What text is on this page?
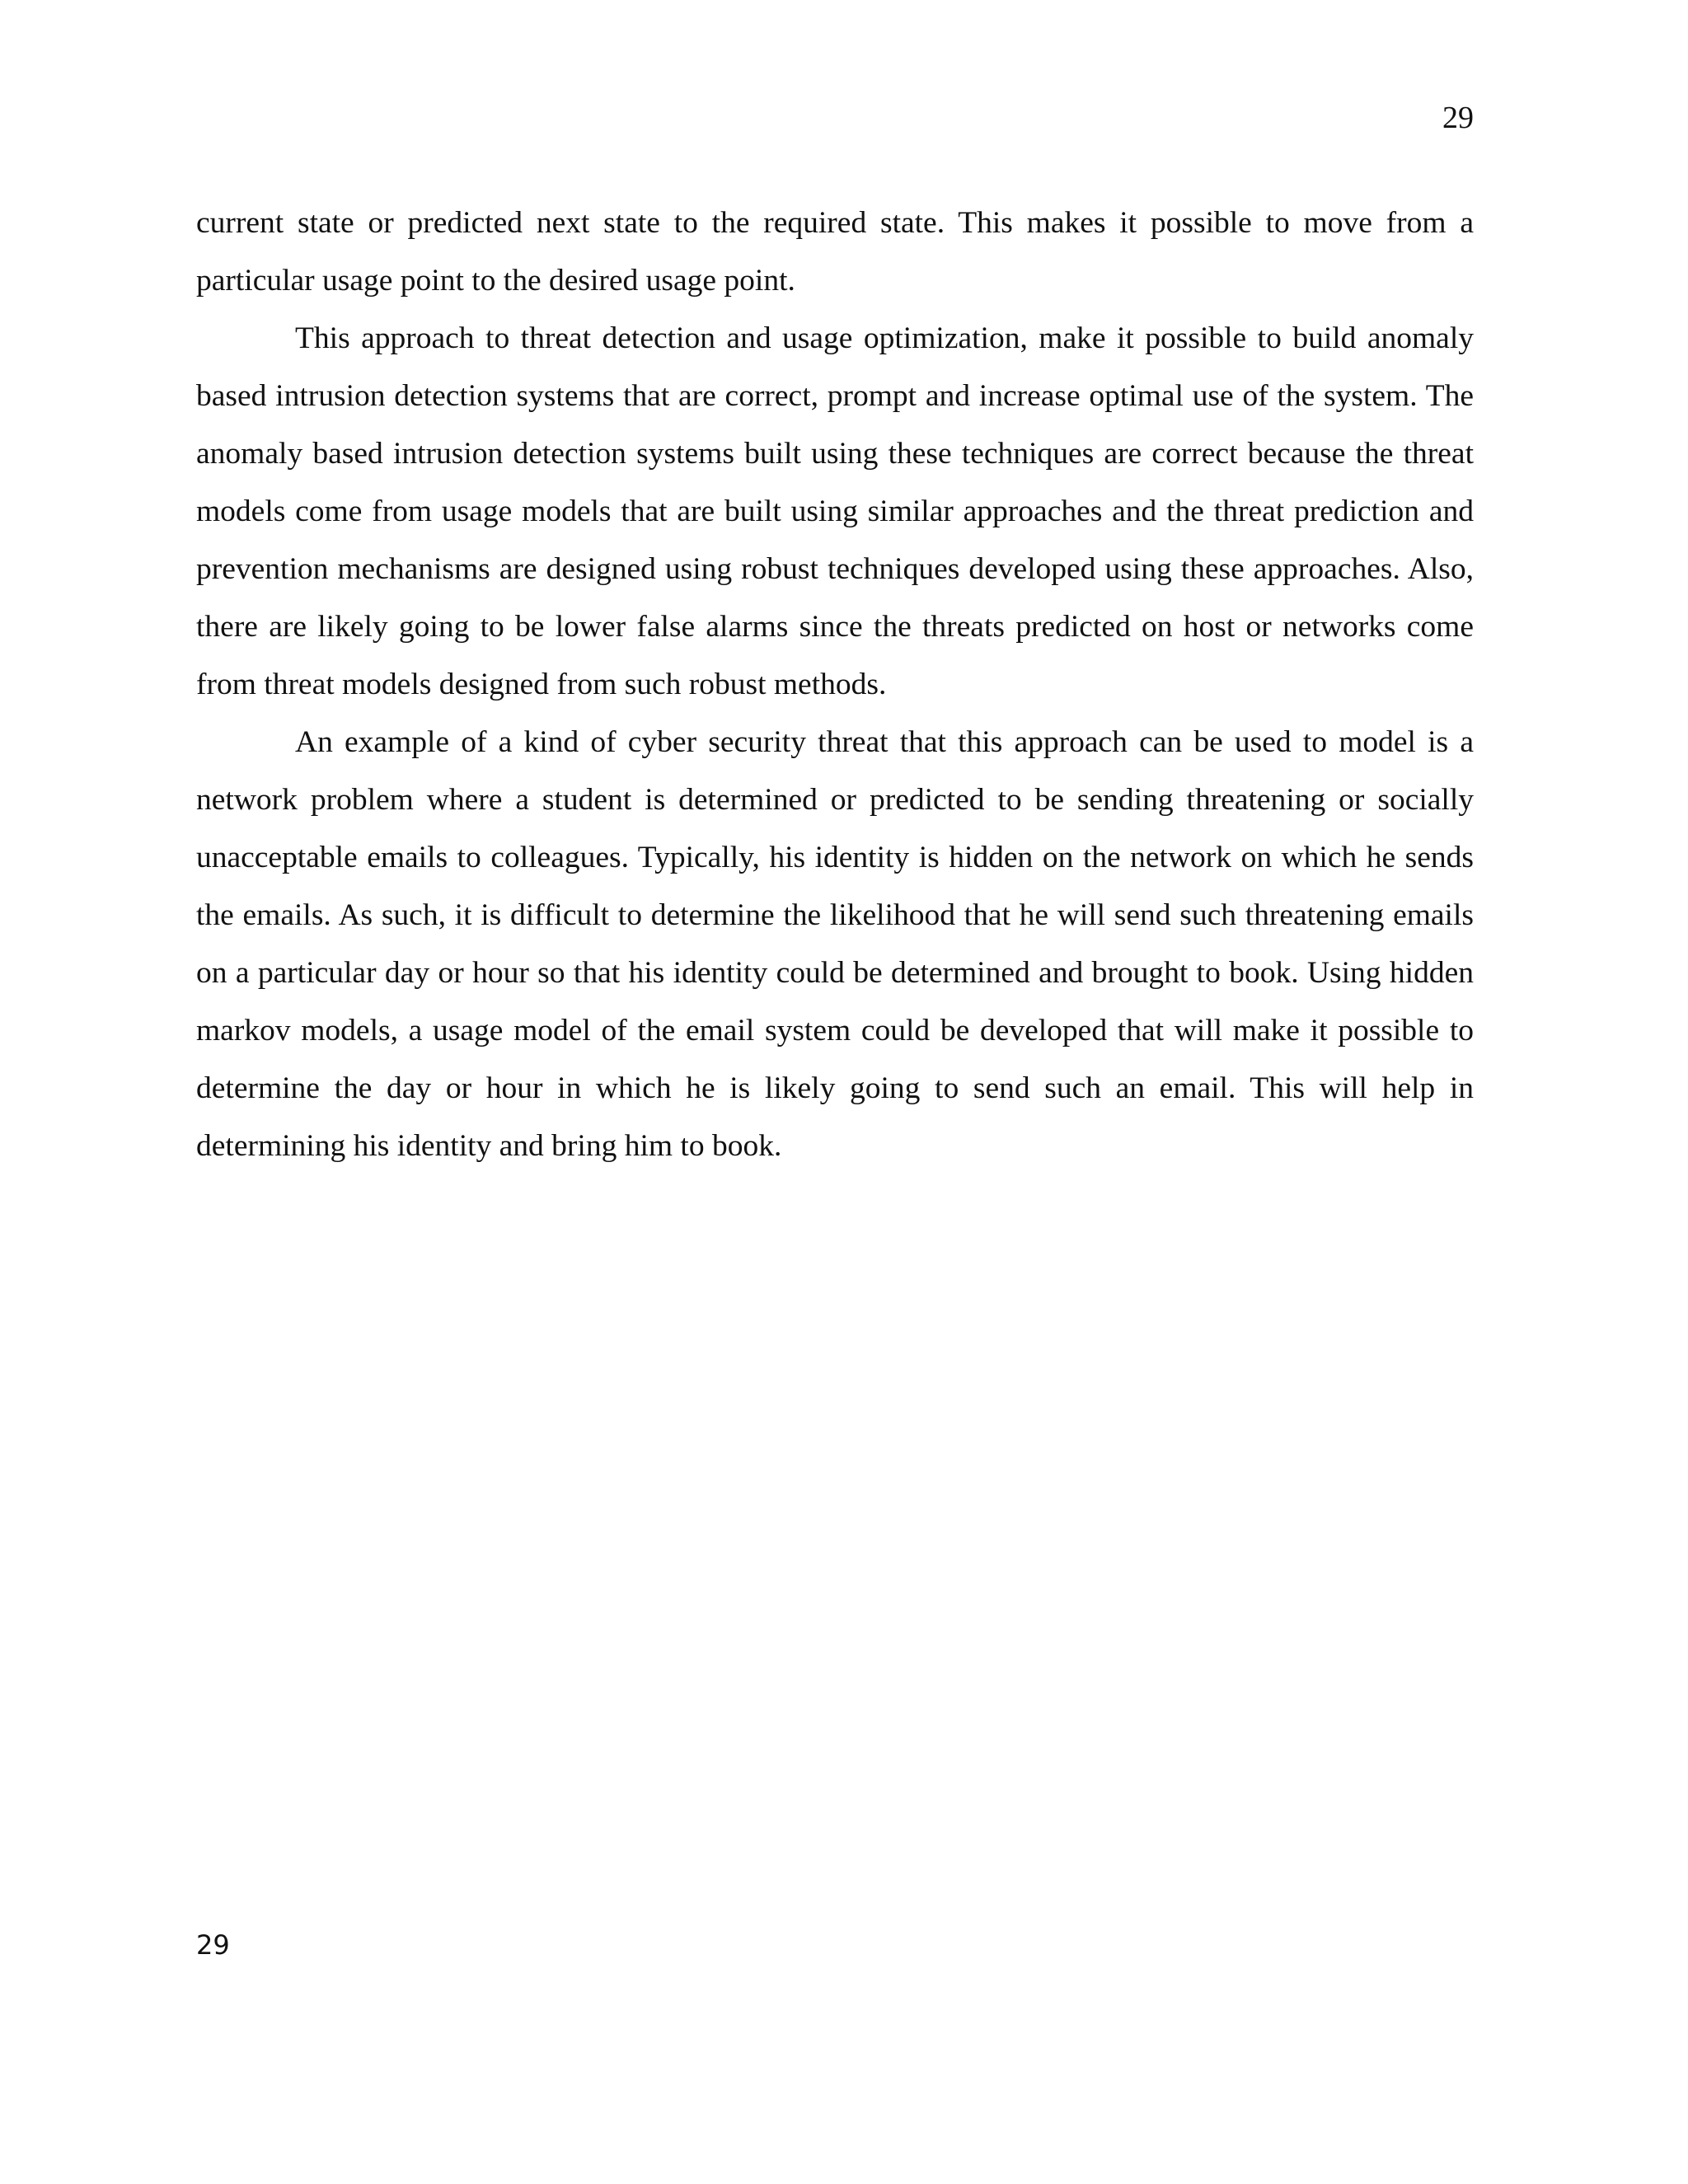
29

current state or predicted next state to the required state. This makes it possible to move from a particular usage point to the desired usage point.

This approach to threat detection and usage optimization, make it possible to build anomaly based intrusion detection systems that are correct, prompt and increase optimal use of the system. The anomaly based intrusion detection systems built using these techniques are correct because the threat models come from usage models that are built using similar approaches and the threat prediction and prevention mechanisms are designed using robust techniques developed using these approaches. Also, there are likely going to be lower false alarms since the threats predicted on host or networks come from threat models designed from such robust methods.

An example of a kind of cyber security threat that this approach can be used to model is a network problem where a student is determined or predicted to be sending threatening or socially unacceptable emails to colleagues. Typically, his identity is hidden on the network on which he sends the emails. As such, it is difficult to determine the likelihood that he will send such threatening emails on a particular day or hour so that his identity could be determined and brought to book. Using hidden markov models, a usage model of the email system could be developed that will make it possible to determine the day or hour in which he is likely going to send such an email. This will help in determining his identity and bring him to book.

29
